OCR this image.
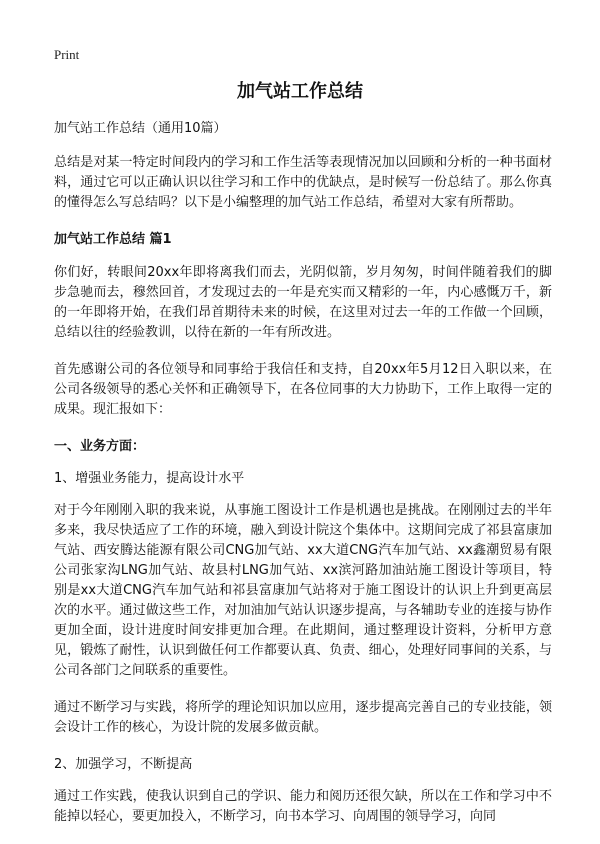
Print
加气站工作总结

加气站工作总结（通用10篇）

总结是对某一特定时间段内的学习和工作生活等表现情况加以回顾和分析的一种书面材料，通过它可以正确认识以往学习和工作中的优缺点，是时候写一份总结了。那么你真的懂得怎么写总结吗？以下是小编整理的加气站工作总结，希望对大家有所帮助。

加气站工作总结 篇1

你们好，转眼间20xx年即将离我们而去，光阴似箭，岁月匆匆，时间伴随着我们的脚步急驰而去，穆然回首，才发现过去的一年是充实而又精彩的一年，内心感慨万千，新的一年即将开始，在我们昂首期待未来的时候，在这里对过去一年的工作做一个回顾，总结以往的经验教训，以待在新的一年有所改进。

首先感谢公司的各位领导和同事给于我信任和支持，自20xx年5月12日入职以来，在公司各级领导的悉心关怀和正确领导下，在各位同事的大力协助下，工作上取得一定的成果。现汇报如下：

一、业务方面：
1、增强业务能力，提高设计水平

对于今年刚刚入职的我来说，从事施工图设计工作是机遇也是挑战。在刚刚过去的半年多来，我尽快适应了工作的环境，融入到设计院这个集体中。这期间完成了祁县富康加气站、西安腾达能源有限公司CNG加气站、xx大道CNG汽车加气站、xx鑫潮贸易有限公司张家沟LNG加气站、故县村LNG加气站、xx滨河路加油站施工图设计等项目，特别是xx大道CNG汽车加气站和祁县富康加气站将对于施工图设计的认识上升到更高层次的水平。通过做这些工作，对加油加气站认识逐步提高，与各辅助专业的连接与协作更加全面，设计进度时间安排更加合理。在此期间，通过整理设计资料，分析甲方意见，锻炼了耐性，认识到做任何工作都要认真、负责、细心，处理好同事间的关系，与公司各部门之间联系的重要性。

通过不断学习与实践，将所学的理论知识加以应用，逐步提高完善自己的专业技能，领会设计工作的核心，为设计院的发展多做贡献。

2、加强学习，不断提高

通过工作实践，使我认识到自己的学识、能力和阅历还很欠缺，所以在工作和学习中不能掉以轻心，要更加投入，不断学习，向书本学习、向周围的领导学习，向同
